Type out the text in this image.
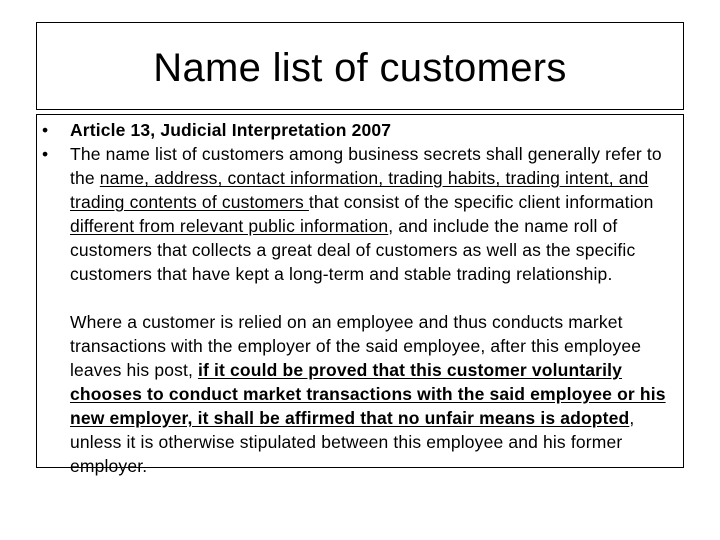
Name list of customers
• Article 13, Judicial Interpretation 2007
• The name list of customers among business secrets shall generally refer to the name, address, contact information, trading habits, trading intent, and trading contents of customers that consist of the specific client information different from relevant public information, and include the name roll of customers that collects a great deal of customers as well as the specific customers that have kept a long-term and stable trading relationship.
Where a customer is relied on an employee and thus conducts market transactions with the employer of the said employee, after this employee leaves his post, if it could be proved that this customer voluntarily chooses to conduct market transactions with the said employee or his new employer, it shall be affirmed that no unfair means is adopted, unless it is otherwise stipulated between this employee and his former employer.
